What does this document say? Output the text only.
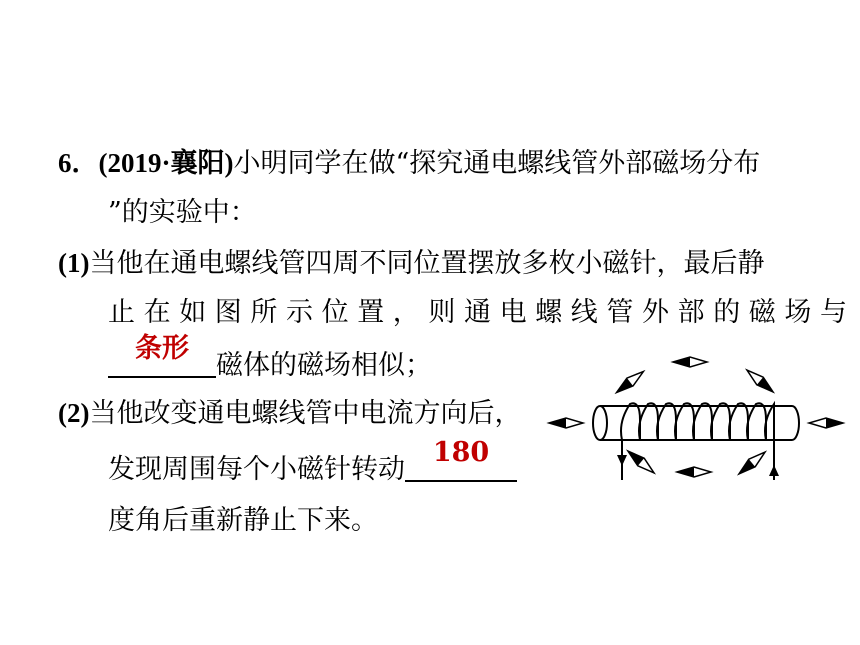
6．(2019·襄阳)小明同学在做“探究通电螺线管外部磁场分布
”的实验中：
(1)当他在通电螺线管四周不同位置摆放多枚小磁针，最后静
止在如图所示位置，则通电螺线管外部的磁场与
条形
磁体的磁场相似；
(2)当他改变通电螺线管中电流方向后，
发现周围每个小磁针转动
180
度角后重新静止下来。
